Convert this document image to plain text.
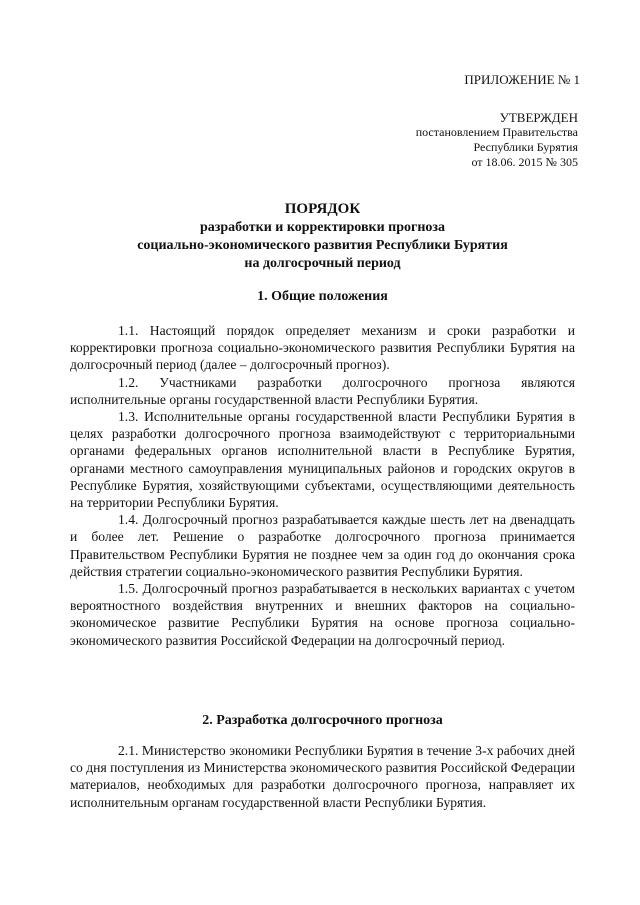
ПРИЛОЖЕНИЕ № 1
УТВЕРЖДЕН
постановлением Правительства
Республики Бурятия
от 18.06. 2015 № 305
ПОРЯДОК
разработки и корректировки прогноза
социально-экономического развития Республики Бурятия
на долгосрочный период
1. Общие положения

1.1. Настоящий порядок определяет механизм и сроки разработки и корректировки прогноза социально-экономического развития Республики Бурятия на долгосрочный период (далее – долгосрочный прогноз).

1.2. Участниками разработки долгосрочного прогноза являются исполнительные органы государственной власти Республики Бурятия.

1.3. Исполнительные органы государственной власти Республики Бурятия в целях разработки долгосрочного прогноза взаимодействуют с территориальными органами федеральных органов исполнительной власти в Республике Бурятия, органами местного самоуправления муниципальных районов и городских округов в Республике Бурятия, хозяйствующими субъектами, осуществляющими деятельность на территории Республики Бурятия.

1.4. Долгосрочный прогноз разрабатывается каждые шесть лет на двенадцать и более лет. Решение о разработке долгосрочного прогноза принимается Правительством Республики Бурятия не позднее чем за один год до окончания срока действия стратегии социально-экономического развития Республики Бурятия.

1.5. Долгосрочный прогноз разрабатывается в нескольких вариантах с учетом вероятностного воздействия внутренних и внешних факторов на социально-экономическое развитие Республики Бурятия на основе прогноза социально-экономического развития Российской Федерации на долгосрочный период.

2. Разработка долгосрочного прогноза

2.1. Министерство экономики Республики Бурятия в течение 3-х рабочих дней со дня поступления из Министерства экономического развития Российской Федерации материалов, необходимых для разработки долгосрочного прогноза, направляет их исполнительным органам государственной власти Республики Бурятия.
